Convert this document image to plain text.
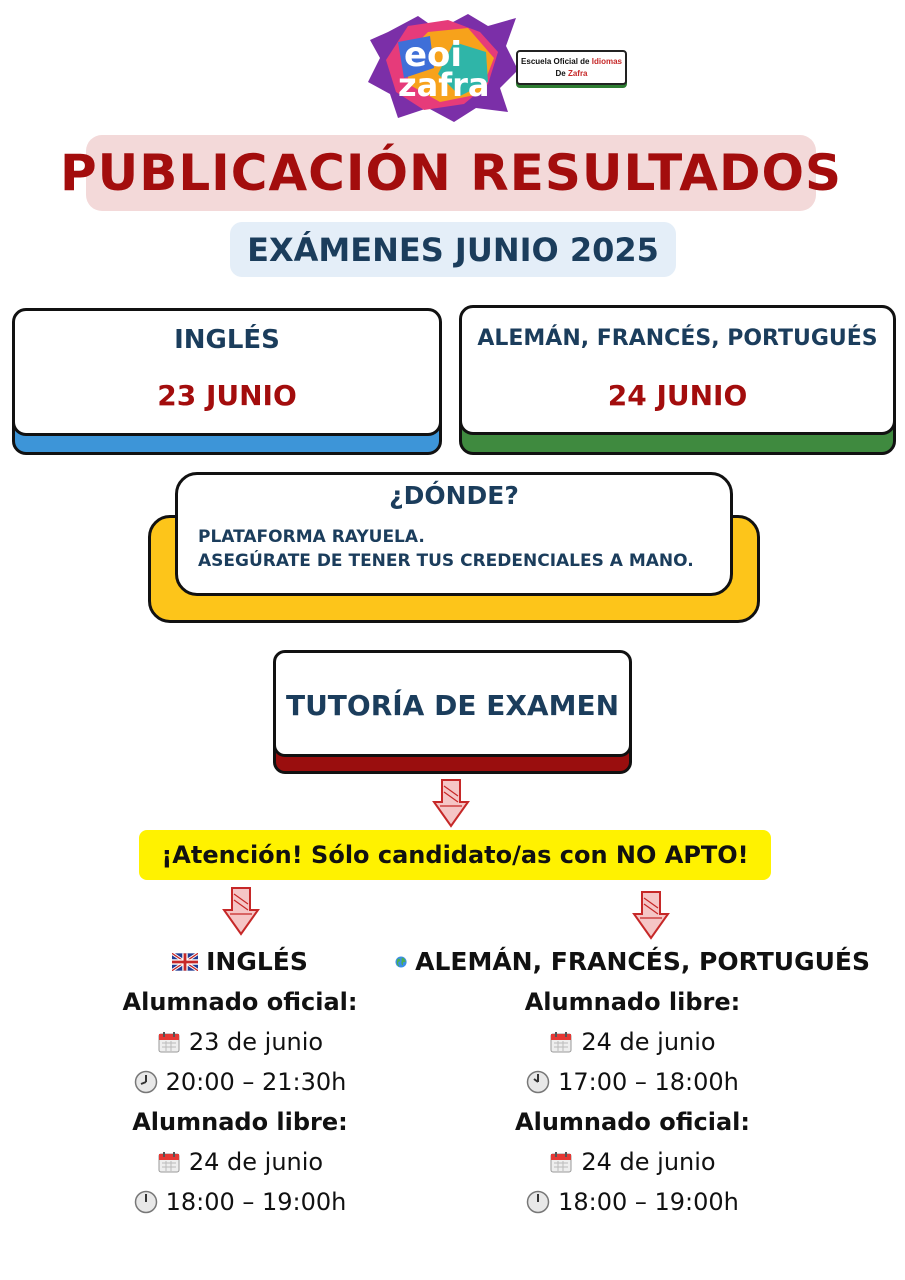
eoi
zafra
Escuela Oficial de Idiomas
De Zafra
PUBLICACIÓN RESULTADOS
EXÁMENES JUNIO 2025
INGLÉS
23 JUNIO
ALEMÁN, FRANCÉS, PORTUGUÉS
24 JUNIO
¿DÓNDE?
PLATAFORMA RAYUELA.
ASEGÚRATE DE TENER TUS CREDENCIALES A MANO.
TUTORÍA DE EXAMEN
¡Atención! Sólo candidato/as con NO APTO!
INGLÉS
Alumnado oficial:
23 de junio
20:00 – 21:30h
Alumnado libre:
24 de junio
18:00 – 19:00h
ALEMÁN, FRANCÉS, PORTUGUÉS
Alumnado libre:
24 de junio
17:00 – 18:00h
Alumnado oficial:
24 de junio
18:00 – 19:00h
